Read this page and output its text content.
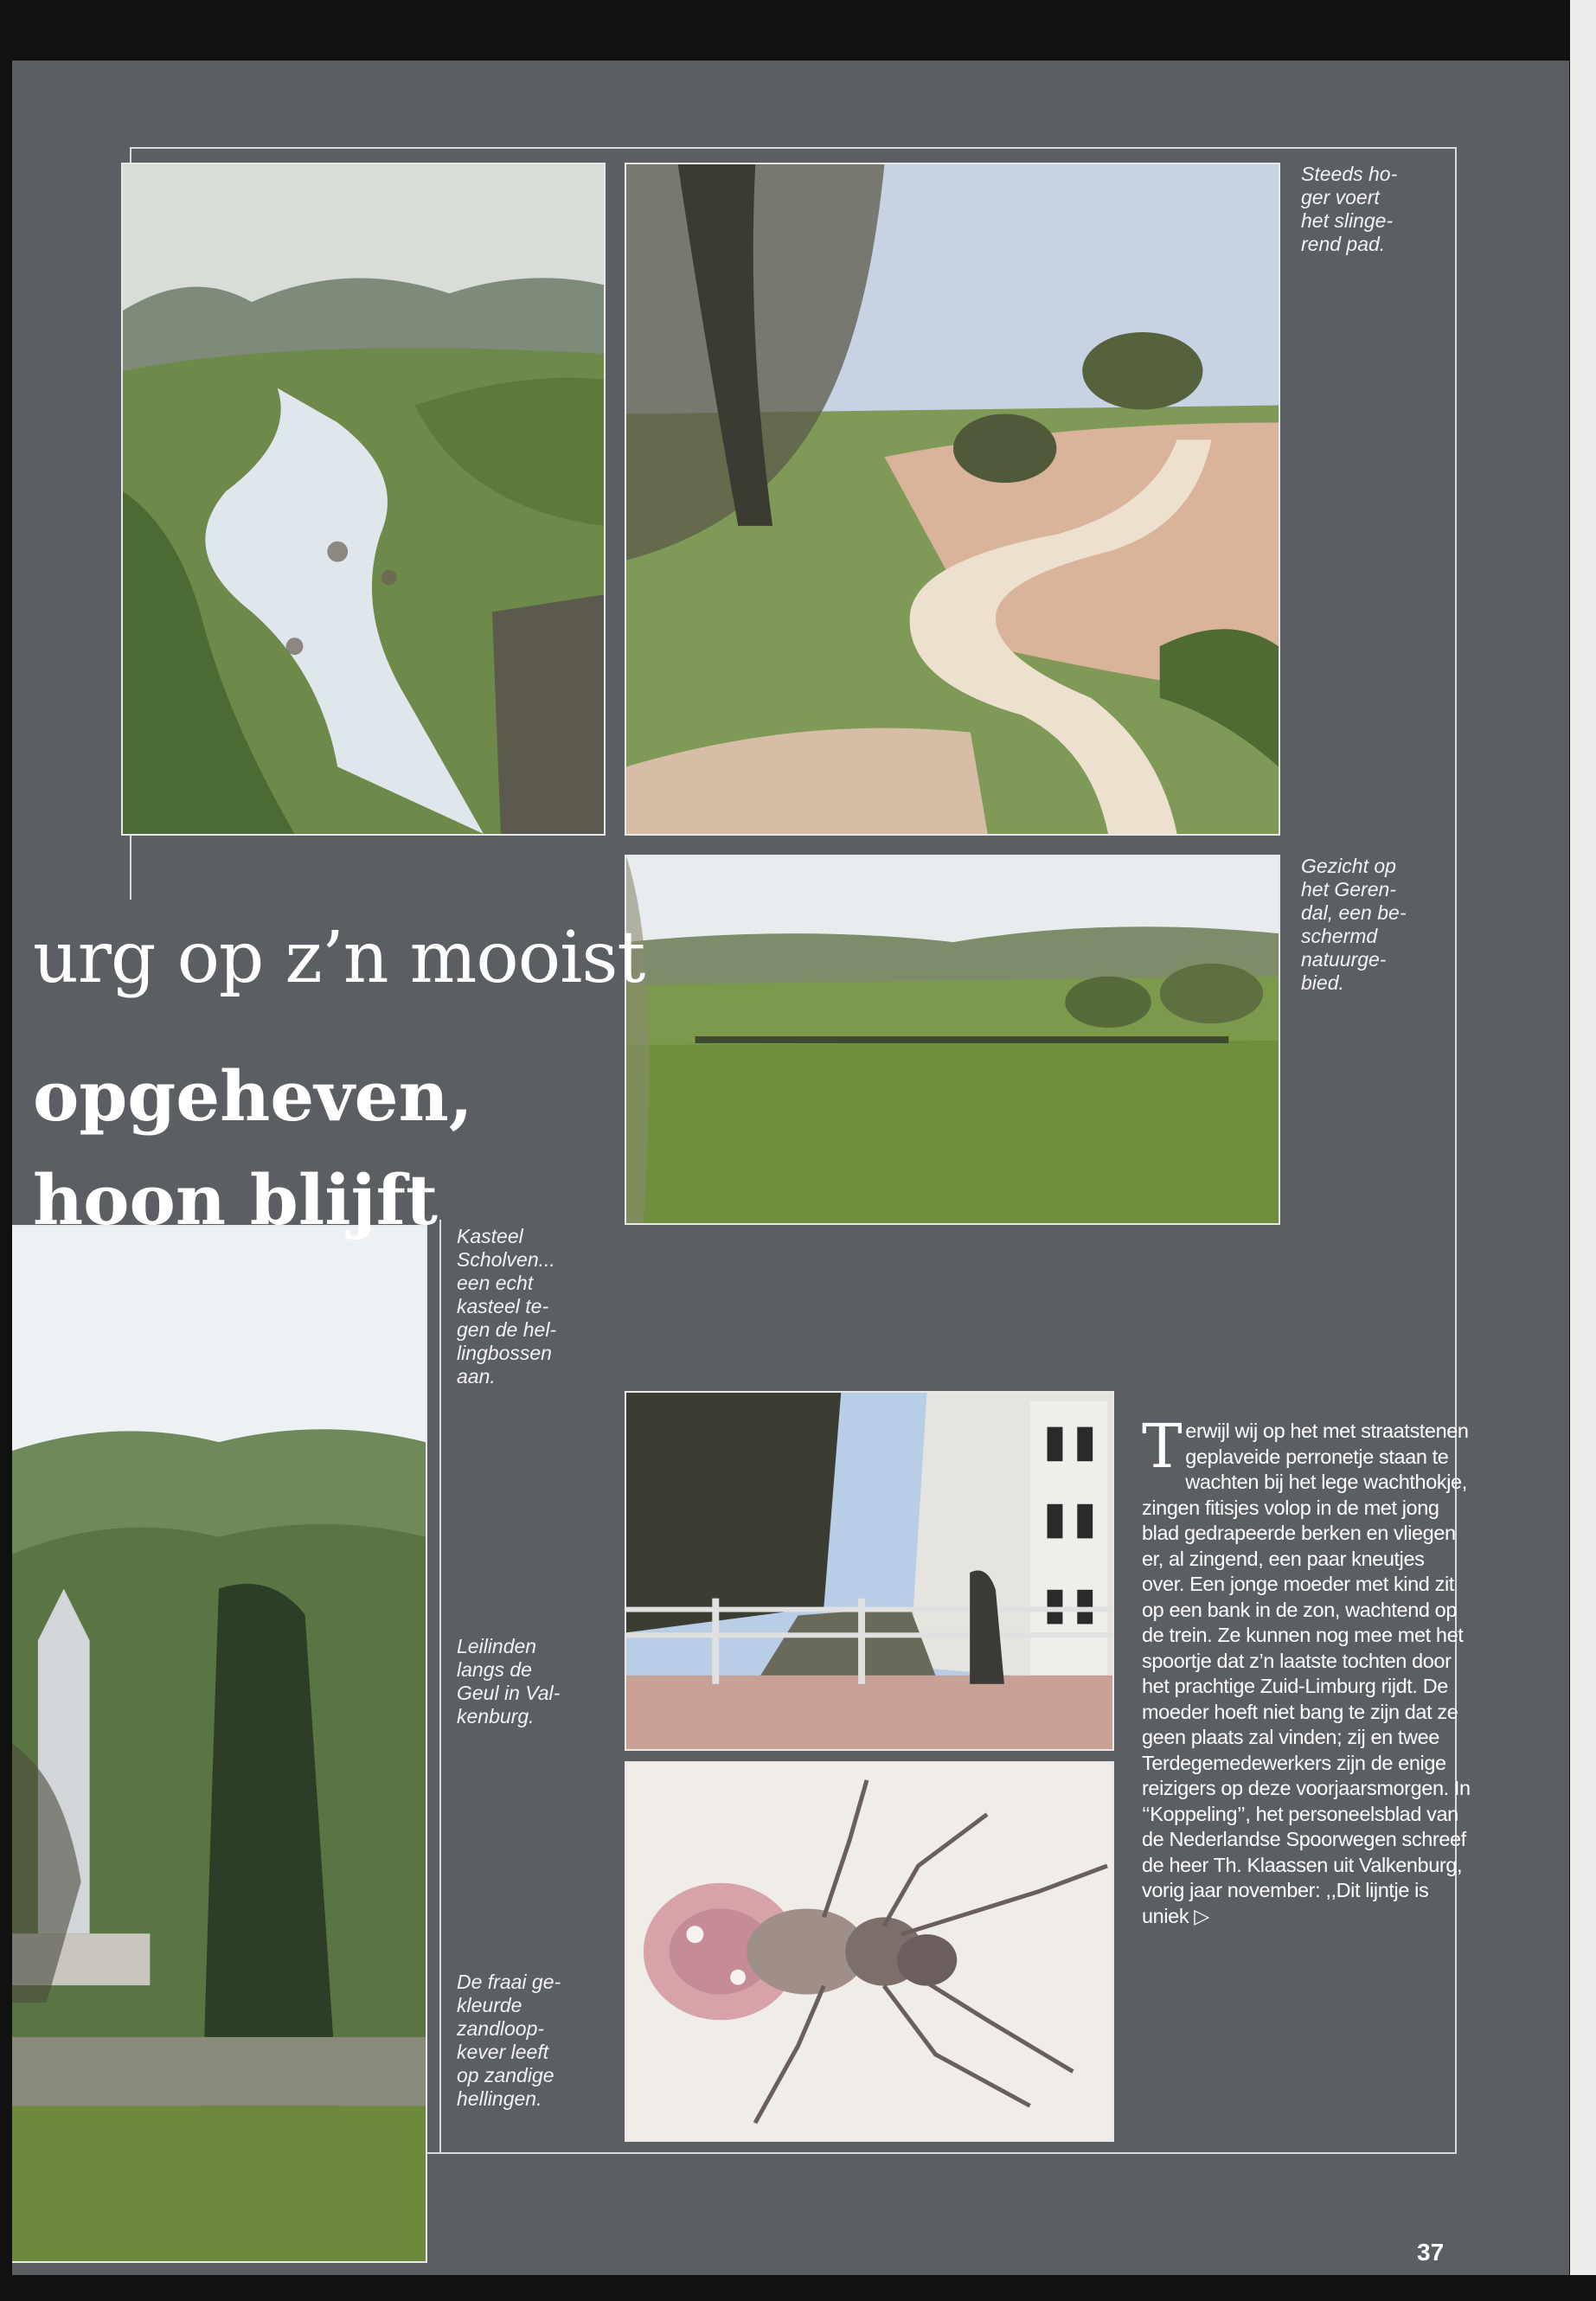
Steeds ho-
ger voert
het slinge-
rend pad.
Gezicht op
het Geren-
dal, een be-
schermd
natuurge-
bied.
Kasteel
Scholven...
een echt
kasteel te-
gen de hel-
lingbossen
aan.
Leilinden
langs de
Geul in Val-
kenburg.
De fraai ge-
kleurde
zandloop-
kever leeft
op zandige
hellingen.
urg op z’n mooist
opgeheven,
hoon blijft
T erwijl wij op het met straatstenen geplaveide perronetje staan te wachten bij het lege wachthokje, zingen fitisjes volop in de met jong blad gedrapeerde berken en vliegen er, al zingend, een paar kneutjes over. Een jonge moeder met kind zit op een bank in de zon, wachtend op de trein. Ze kunnen nog mee met het spoortje dat z’n laatste tochten door het prachtige Zuid-Limburg rijdt. De moeder hoeft niet bang te zijn dat ze geen plaats zal vinden; zij en twee Terdegemedewerkers zijn de enige reizigers op deze voorjaarsmorgen. In ‘‘Koppeling’’, het personeelsblad van de Nederlandse Spoorwegen schreef de heer Th. Klaassen uit Valkenburg, vorig jaar november: ,,Dit lijntje is uniek ▷
37
